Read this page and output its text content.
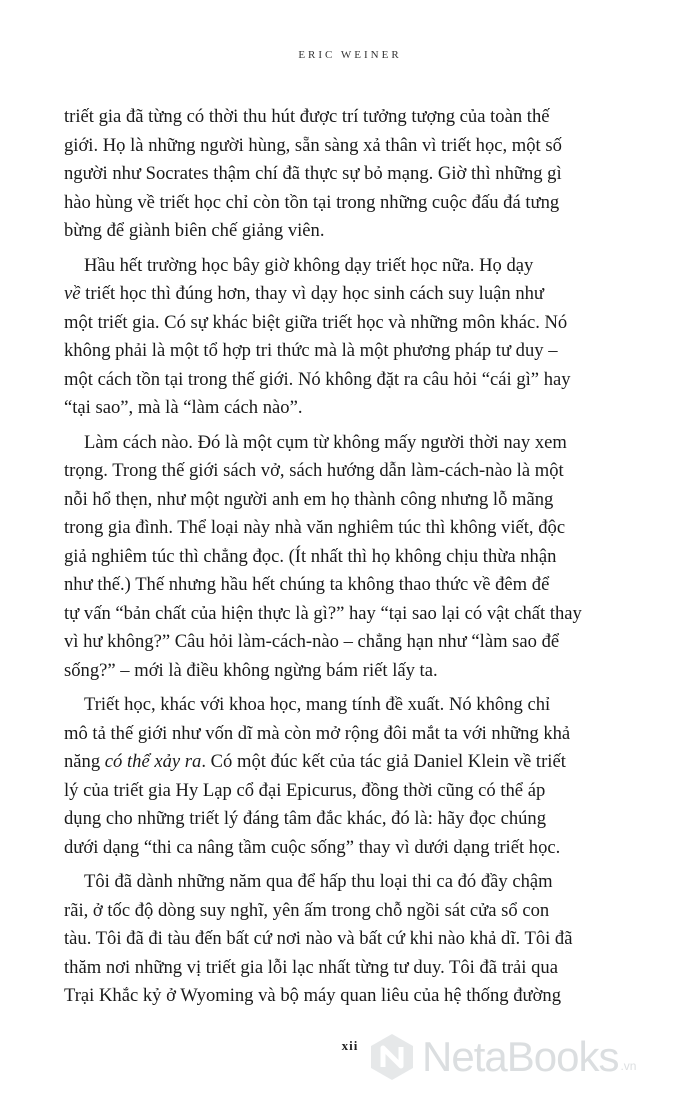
ERIC WEINER

triết gia đã từng có thời thu hút được trí tưởng tượng của toàn thế
giới. Họ là những người hùng, sẵn sàng xả thân vì triết học, một số
người như Socrates thậm chí đã thực sự bỏ mạng. Giờ thì những gì
hào hùng về triết học chỉ còn tồn tại trong những cuộc đấu đá tưng
bừng để giành biên chế giảng viên.

Hầu hết trường học bây giờ không dạy triết học nữa. Họ dạy
về triết học thì đúng hơn, thay vì dạy học sinh cách suy luận như
một triết gia. Có sự khác biệt giữa triết học và những môn khác. Nó
không phải là một tổ hợp tri thức mà là một phương pháp tư duy –
một cách tồn tại trong thế giới. Nó không đặt ra câu hỏi “cái gì” hay
“tại sao”, mà là “làm cách nào”.

Làm cách nào. Đó là một cụm từ không mấy người thời nay xem
trọng. Trong thế giới sách vở, sách hướng dẫn làm-cách-nào là một
nỗi hổ thẹn, như một người anh em họ thành công nhưng lỗ mãng
trong gia đình. Thể loại này nhà văn nghiêm túc thì không viết, độc
giả nghiêm túc thì chẳng đọc. (Ít nhất thì họ không chịu thừa nhận
như thế.) Thế nhưng hầu hết chúng ta không thao thức về đêm để
tự vấn “bản chất của hiện thực là gì?” hay “tại sao lại có vật chất thay
vì hư không?” Câu hỏi làm-cách-nào – chẳng hạn như “làm sao để
sống?” – mới là điều không ngừng bám riết lấy ta.

Triết học, khác với khoa học, mang tính đề xuất. Nó không chỉ
mô tả thế giới như vốn dĩ mà còn mở rộng đôi mắt ta với những khả
năng có thể xảy ra. Có một đúc kết của tác giả Daniel Klein về triết
lý của triết gia Hy Lạp cổ đại Epicurus, đồng thời cũng có thể áp
dụng cho những triết lý đáng tâm đắc khác, đó là: hãy đọc chúng
dưới dạng “thi ca nâng tầm cuộc sống” thay vì dưới dạng triết học.

Tôi đã dành những năm qua để hấp thu loại thi ca đó đầy chậm
rãi, ở tốc độ dòng suy nghĩ, yên ấm trong chỗ ngồi sát cửa sổ con
tàu. Tôi đã đi tàu đến bất cứ nơi nào và bất cứ khi nào khả dĩ. Tôi đã
thăm nơi những vị triết gia lỗi lạc nhất từng tư duy. Tôi đã trải qua
Trại Khắc kỷ ở Wyoming và bộ máy quan liêu của hệ thống đường

xii	NetaBooks .vn
